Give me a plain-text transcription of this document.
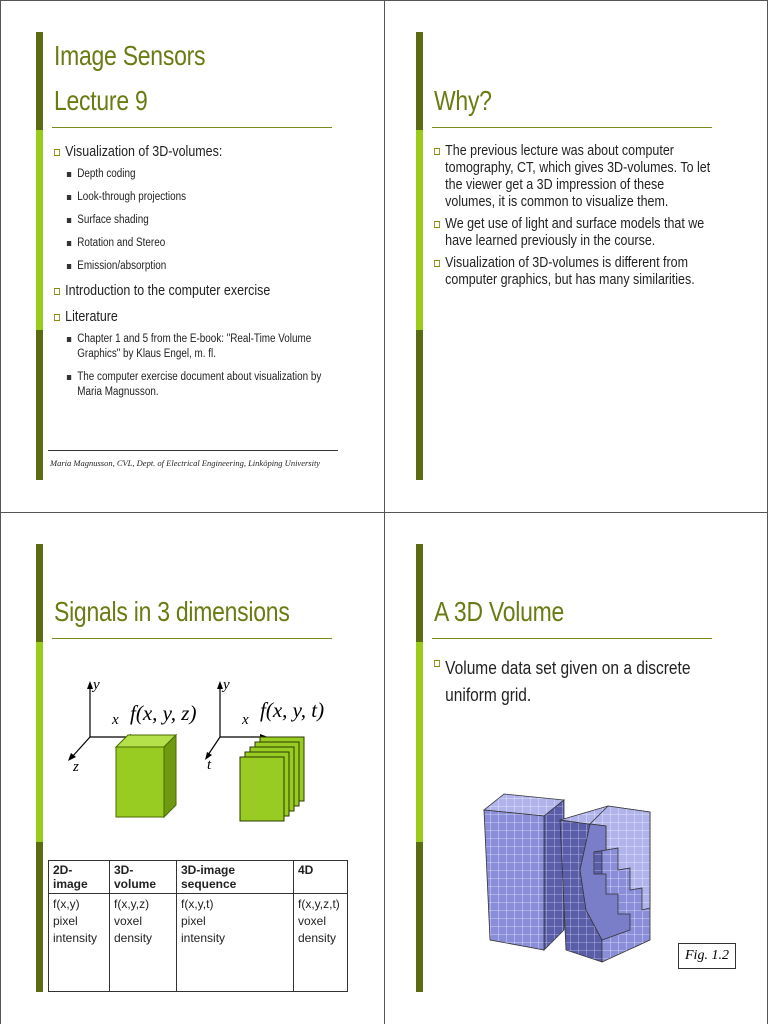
Image Sensors
Lecture 9
Visualization of 3D-volumes:
Depth coding
Look-through projections
Surface shading
Rotation and Stereo
Emission/absorption
Introduction to the computer exercise
Literature
Chapter 1 and 5 from the E-book: "Real-Time Volume Graphics" by Klaus Engel, m. fl.
The computer exercise document about visualization by Maria Magnusson.
Maria Magnusson, CVL, Dept. of Electrical Engineering, Linköping University
Why?
The previous lecture was about computer tomography, CT, which gives 3D-volumes. To let the viewer get a 3D impression of these volumes, it is common to visualize them.
We get use of light and surface models that we have learned previously in the course.
Visualization of 3D-volumes is different from computer graphics, but has many similarities.
Signals in 3 dimensions
y
x
z
f(x, y, z)
y
x
t
f(x, y, t)
2D-image	3D-volume	3D-image sequence	4D

f(x,y)
pixel
intensity	f(x,y,z)
voxel
density	f(x,y,t)
pixel
intensity	f(x,y,z,t)
voxel
density
A 3D Volume
Volume data set given on a discrete uniform grid.
Fig. 1.2
